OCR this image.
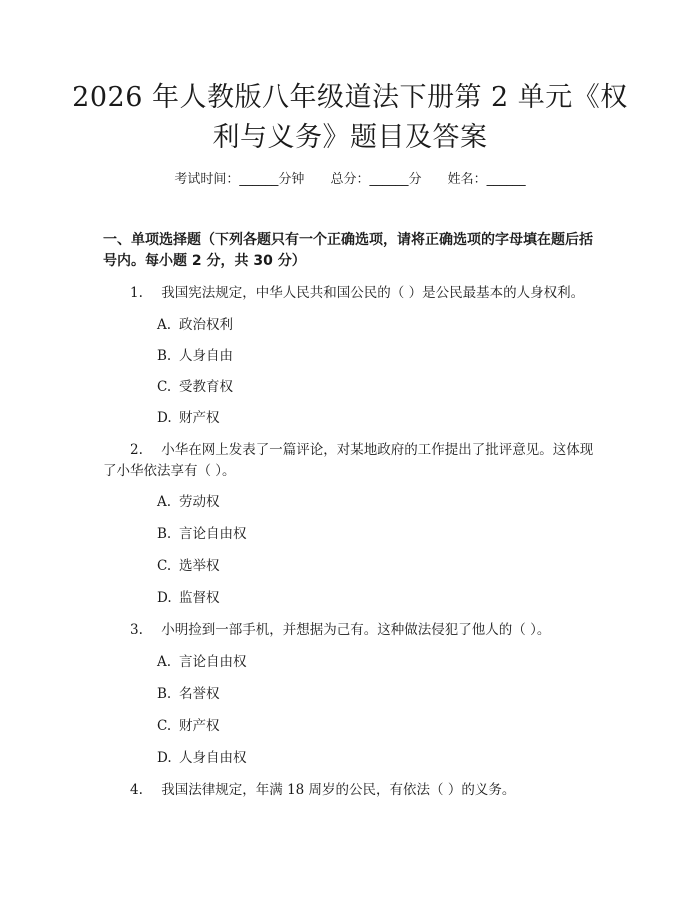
2026 年人教版八年级道法下册第 2 单元《权
利与义务》题目及答案
考试时间：______分钟 总分：______分 姓名：______
一、单项选择题（下列各题只有一个正确选项，请将正确选项的字母填在题后括
号内。每小题 2 分，共 30 分）
1. 我国宪法规定，中华人民共和国公民的（ ）是公民最基本的人身权利。
A. 政治权利
B. 人身自由
C. 受教育权
D. 财产权
2. 小华在网上发表了一篇评论，对某地政府的工作提出了批评意见。这体现
了小华依法享有（ ）。
A. 劳动权
B. 言论自由权
C. 选举权
D. 监督权
3. 小明捡到一部手机，并想据为己有。这种做法侵犯了他人的（ ）。
A. 言论自由权
B. 名誉权
C. 财产权
D. 人身自由权
4. 我国法律规定，年满 18 周岁的公民，有依法（ ）的义务。
